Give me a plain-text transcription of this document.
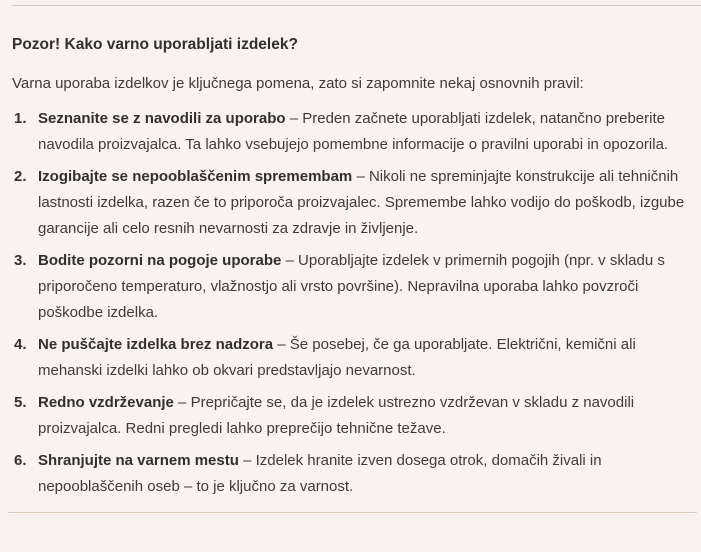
Pozor! Kako varno uporabljati izdelek?

Varna uporaba izdelkov je ključnega pomena, zato si zapomnite nekaj osnovnih pravil:

1. Seznanite se z navodili za uporabo – Preden začnete uporabljati izdelek, natančno preberite navodila proizvajalca. Ta lahko vsebujejo pomembne informacije o pravilni uporabi in opozorila.

2. Izogibajte se nepooblaščenim spremembam – Nikoli ne spreminjajte konstrukcije ali tehničnih lastnosti izdelka, razen če to priporoča proizvajalec. Spremembe lahko vodijo do poškodb, izgube garancije ali celo resnih nevarnosti za zdravje in življenje.

3. Bodite pozorni na pogoje uporabe – Uporabljajte izdelek v primernih pogojih (npr. v skladu s priporočeno temperaturo, vlažnostjo ali vrsto površine). Nepravilna uporaba lahko povzroči poškodbe izdelka.

4. Ne puščajte izdelka brez nadzora – Še posebej, če ga uporabljate. Električni, kemični ali mehanski izdelki lahko ob okvari predstavljajo nevarnost.

5. Redno vzdrževanje – Prepričajte se, da je izdelek ustrezno vzdrževan v skladu z navodili proizvajalca. Redni pregledi lahko preprečijo tehnične težave.

6. Shranjujte na varnem mestu – Izdelek hranite izven dosega otrok, domačih živali in nepooblaščenih oseb – to je ključno za varnost.
